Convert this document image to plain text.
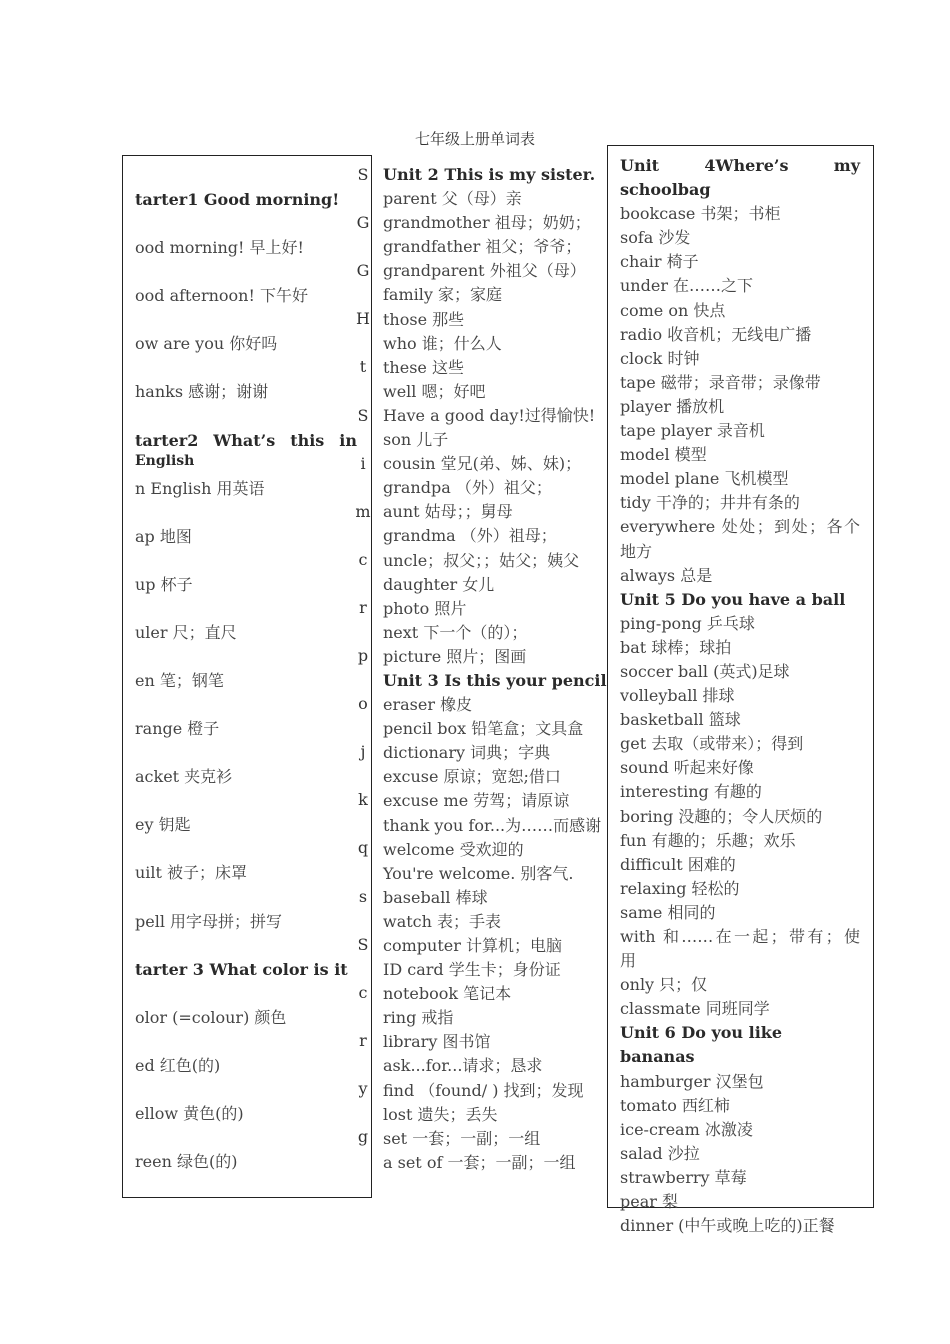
七年级上册单词表
tarter1 Good morning!
ood morning! 早上好!
ood afternoon! 下午好
ow are you 你好吗
hanks 感谢；谢谢
tarter2 What’s this in
English
n English 用英语
ap 地图
up 杯子
uler 尺；直尺
en 笔；钢笔
range 橙子
acket 夹克衫
ey 钥匙
uilt 被子；床罩
pell 用字母拼；拼写
tarter 3 What color is it
olor (=colour) 颜色
ed 红色(的)
ellow 黄色(的)
reen 绿色(的)
S
G
G
H
t
S
i
m
c
r
p
o
j
k
q
s
S
c
r
y
g
Unit 2 This is my sister.
parent 父（母）亲
grandmother 祖母；奶奶；
grandfather 祖父；爷爷；
grandparent 外祖父（母）
family 家；家庭
those 那些
who 谁；什么人
these 这些
well 嗯；好吧
Have a good day!过得愉快!
son 儿子
cousin 堂兄(弟、姊、妹)；
grandpa （外）祖父；
aunt 姑母；；舅母
grandma （外）祖母；
uncle；叔父；；姑父；姨父
daughter 女儿
photo 照片
next 下一个（的）；
picture 照片；图画
Unit 3 Is this your pencil
eraser 橡皮
pencil box 铅笔盒；文具盒
dictionary 词典；字典
excuse 原谅；宽恕;借口
excuse me 劳驾；请原谅
thank you for...为……而感谢
welcome 受欢迎的
You're welcome. 别客气.
baseball 棒球
watch 表；手表
computer 计算机；电脑
ID card 学生卡；身份证
notebook 笔记本
ring 戒指
library 图书馆
ask...for...请求；恳求
find （found/ ) 找到；发现
lost 遗失；丢失
set 一套；一副；一组
a set of 一套；一副；一组
Unit 4Where’s my
schoolbag
bookcase 书架；书柜
sofa 沙发
chair 椅子
under 在……之下
come on 快点
radio 收音机；无线电广播
clock 时钟
tape 磁带；录音带；录像带
player 播放机
tape player 录音机
model 模型
model plane 飞机模型
tidy 干净的；井井有条的
everywhere 处处；到处；各个
地方
always 总是
Unit 5 Do you have a ball
ping-pong 乒乓球
bat 球棒；球拍
soccer ball (英式)足球
volleyball 排球
basketball 篮球
get 去取（或带来）；得到
sound 听起来好像
interesting 有趣的
boring 没趣的；令人厌烦的
fun 有趣的；乐趣；欢乐
difficult 困难的
relaxing 轻松的
same 相同的
with 和……在一起；带有；使
用
only 只；仅
classmate 同班同学
Unit 6 Do you like bananas
hamburger 汉堡包
tomato 西红柿
ice-cream 冰激凌
salad 沙拉
strawberry 草莓
pear 梨
dinner (中午或晚上吃的)正餐
